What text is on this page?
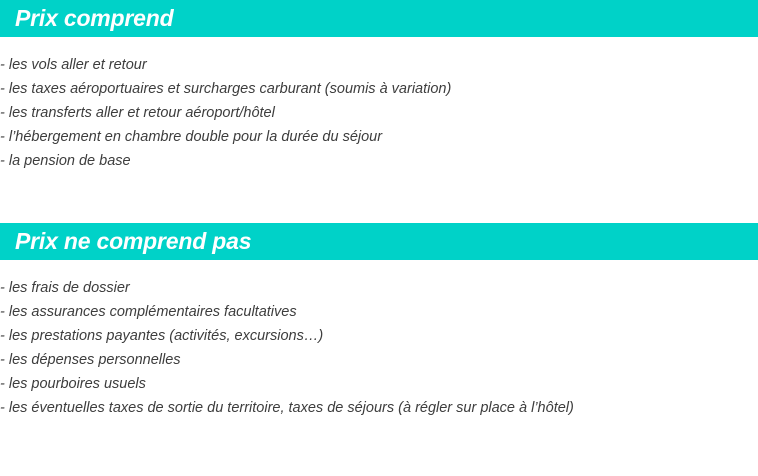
Prix comprend
- les vols aller et retour
- les taxes aéroportuaires et surcharges carburant (soumis à variation)
- les transferts aller et retour aéroport/hôtel
- l’hébergement en chambre double pour la durée du séjour
- la pension de base
Prix ne comprend pas
- les frais de dossier
- les assurances complémentaires facultatives
- les prestations payantes (activités, excursions…)
- les dépenses personnelles
- les pourboires usuels
- les éventuelles taxes de sortie du territoire, taxes de séjours (à régler sur place à l’hôtel)
